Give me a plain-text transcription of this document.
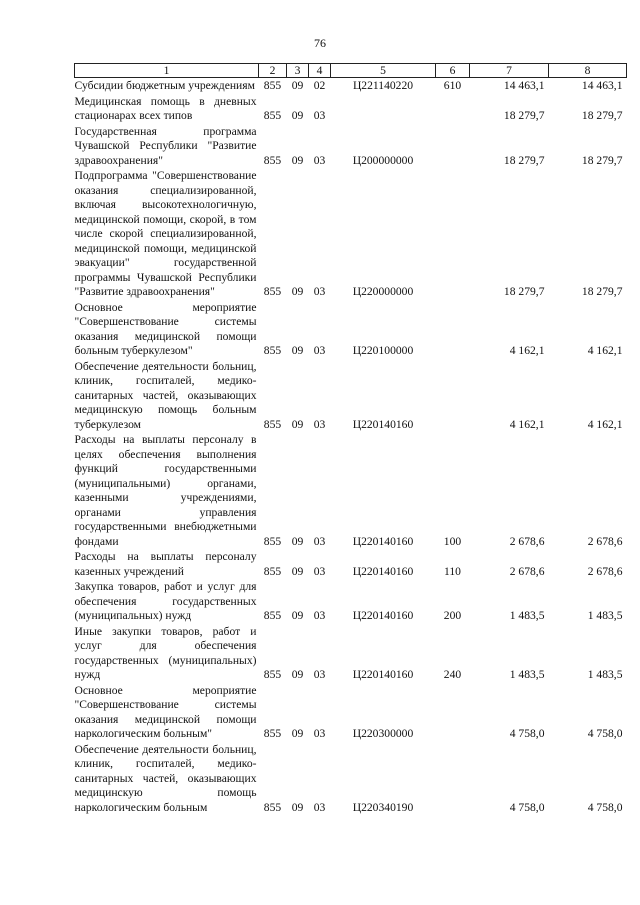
76
1	2	3	4	5	6	7	8
Субсидии бюджетным учреждениям	855	09	02	Ц221140220	610	14 463,1	14 463,1
Медицинская помощь в дневных стационарах всех типов	855	09	03			18 279,7	18 279,7
Государственная программа Чувашской Республики "Развитие здравоохранения"	855	09	03	Ц200000000		18 279,7	18 279,7
Подпрограмма "Совершенствование оказания специализированной, включая высокотехнологичную, медицинской помощи, скорой, в том числе скорой специализированной, медицинской помощи, медицинской эвакуации" государственной программы Чувашской Республики "Развитие здравоохранения"	855	09	03	Ц220000000		18 279,7	18 279,7
Основное мероприятие "Совершенствование системы оказания медицинской помощи больным туберкулезом"	855	09	03	Ц220100000		4 162,1	4 162,1
Обеспечение деятельности больниц, клиник, госпиталей, медико-санитарных частей, оказывающих медицинскую помощь больным туберкулезом	855	09	03	Ц220140160		4 162,1	4 162,1
Расходы на выплаты персоналу в целях обеспечения выполнения функций государственными (муниципальными) органами, казенными учреждениями, органами управления государственными внебюджетными фондами	855	09	03	Ц220140160	100	2 678,6	2 678,6
Расходы на выплаты персоналу казенных учреждений	855	09	03	Ц220140160	110	2 678,6	2 678,6
Закупка товаров, работ и услуг для обеспечения государственных (муниципальных) нужд	855	09	03	Ц220140160	200	1 483,5	1 483,5
Иные закупки товаров, работ и услуг для обеспечения государственных (муниципальных) нужд	855	09	03	Ц220140160	240	1 483,5	1 483,5
Основное мероприятие "Совершенствование системы оказания медицинской помощи наркологическим больным"	855	09	03	Ц220300000		4 758,0	4 758,0
Обеспечение деятельности больниц, клиник, госпиталей, медико-санитарных частей, оказывающих медицинскую помощь наркологическим больным	855	09	03	Ц220340190		4 758,0	4 758,0
